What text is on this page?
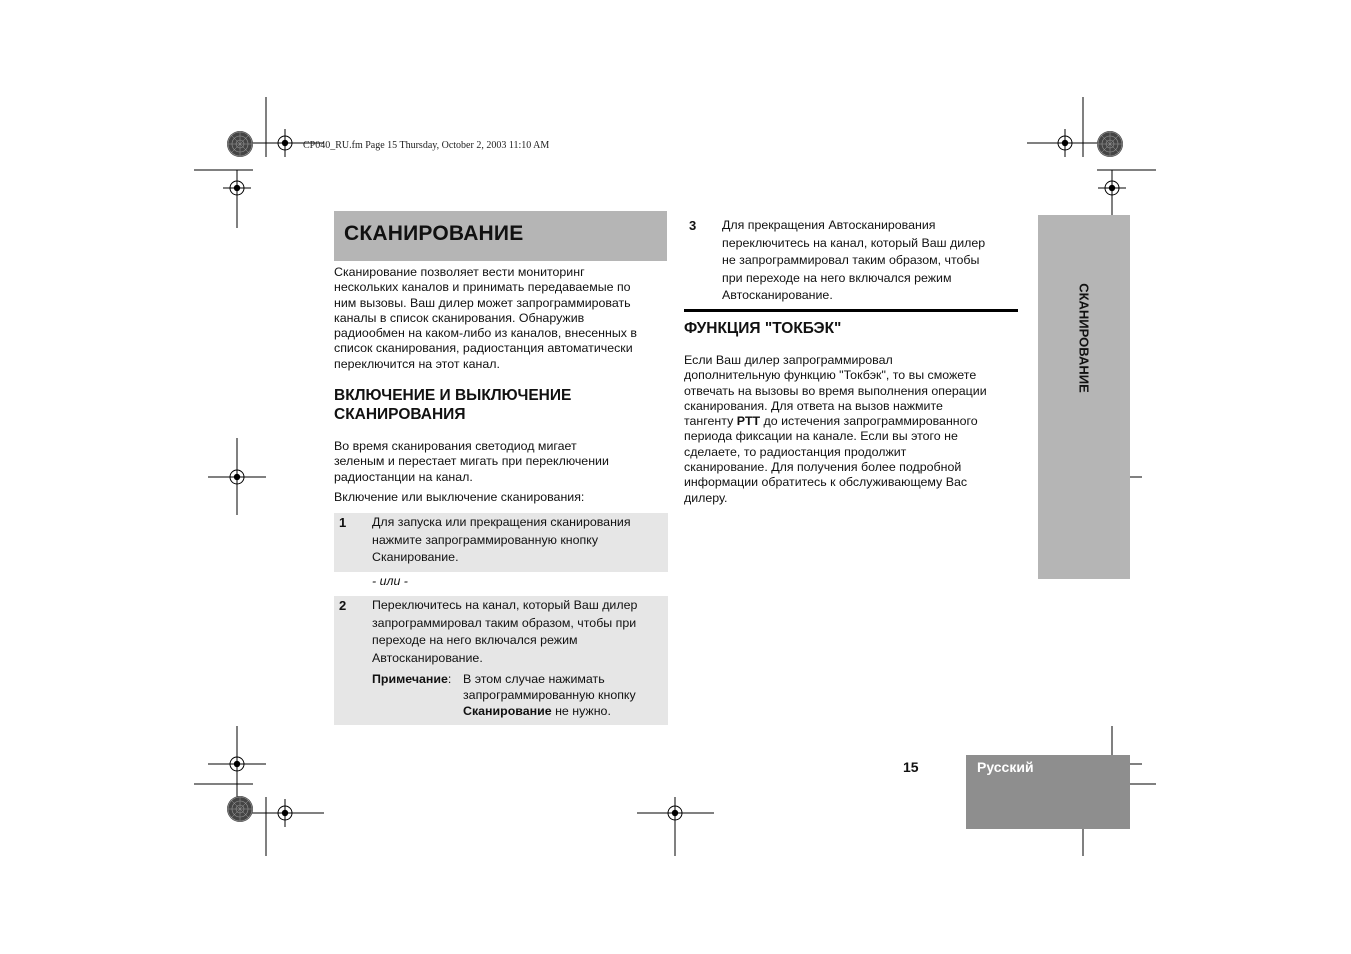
CP040_RU.fm Page 15 Thursday, October 2, 2003 11:10 AM
СКАНИРОВАНИЕ
Сканирование позволяет вести мониторинг
нескольких каналов и принимать передаваемые по
ним вызовы. Ваш дилер может запрограммировать
каналы в список сканирования. Обнаружив
радиообмен на каком-либо из каналов, внесенных в
список сканирования, радиостанция автоматически
переключится на этот канал.
ВКЛЮЧЕНИЕ И ВЫКЛЮЧЕНИЕ
СКАНИРОВАНИЯ
Во время сканирования светодиод мигает
зеленым и перестает мигать при переключении
радиостанции на канал.
Включение или выключение сканирования:
1 Для запуска или прекращения сканирования
нажмите запрограммированную кнопку
Сканирование.
- или -
2 Переключитесь на канал, который Ваш дилер
запрограммировал таким образом, чтобы при
переходе на него включался режим
Автосканирование.
Примечание: В этом случае нажимать
запрограммированную кнопку
Сканирование не нужно.
3 Для прекращения Автосканирования
переключитесь на канал, который Ваш дилер
не запрограммировал таким образом, чтобы
при переходе на него включался режим
Автосканирование.
ФУНКЦИЯ "ТОКБЭК"
Если Ваш дилер запрограммировал
дополнительную функцию "Токбэк", то вы сможете
отвечать на вызовы во время выполнения операции
сканирования. Для ответа на вызов нажмите
тангенту PTT до истечения запрограммированного
периода фиксации на канале. Если вы этого не
сделаете, то радиостанция продолжит
сканирование. Для получения более подробной
информации обратитесь к обслуживающему Вас
дилеру.
СКАНИРОВАНИЕ
15	Русский
